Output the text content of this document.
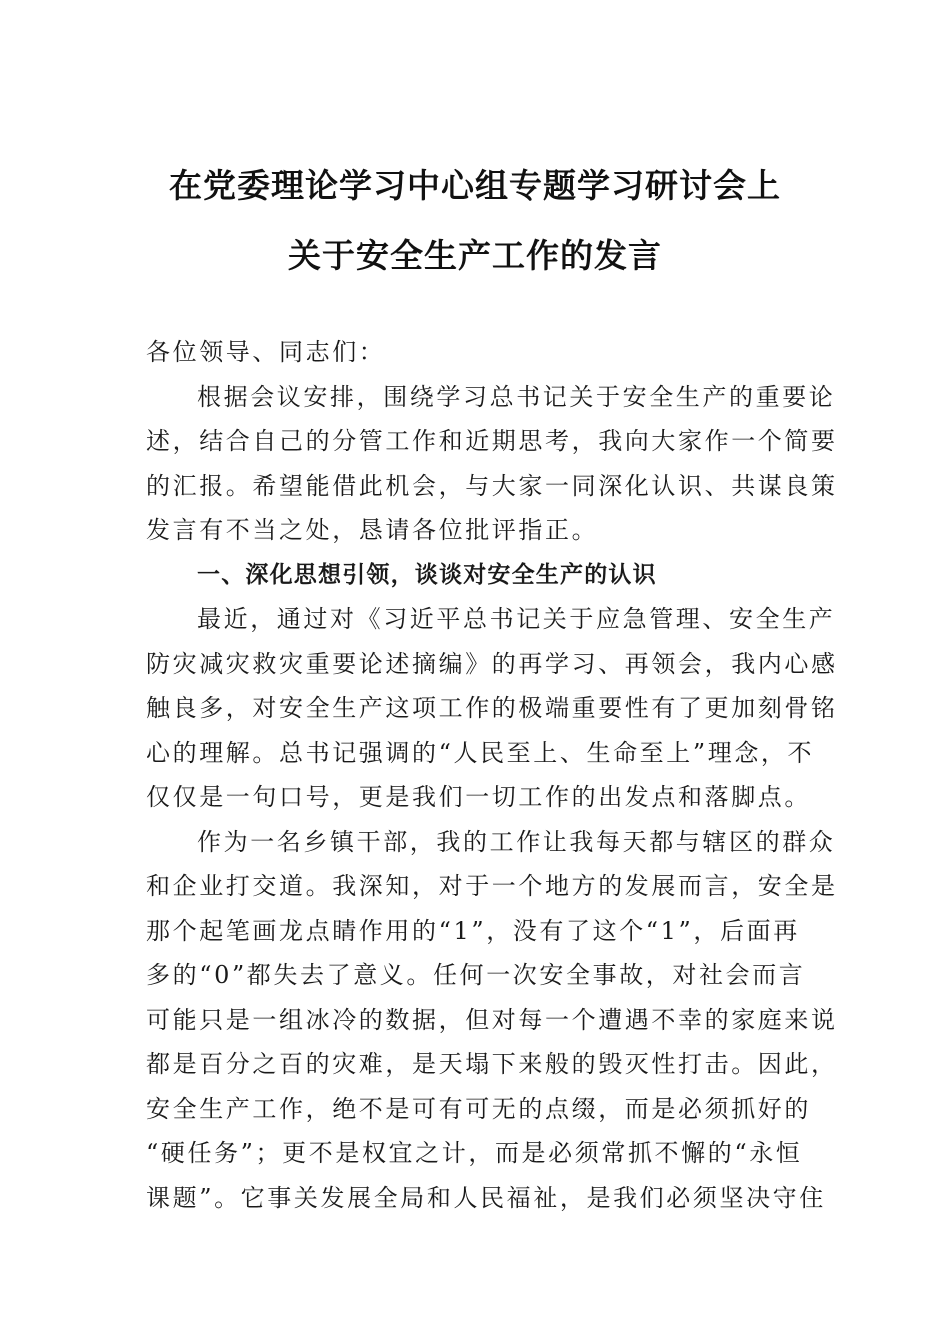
在党委理论学习中心组专题学习研讨会上
关于安全生产工作的发言
各位领导、同志们：
根据会议安排，围绕学习总书记关于安全生产的重要论
述，结合自己的分管工作和近期思考，我向大家作一个简要
的汇报。希望能借此机会，与大家一同深化认识、共谋良策
发言有不当之处，恳请各位批评指正。
一、深化思想引领，谈谈对安全生产的认识
最近，通过对《习近平总书记关于应急管理、安全生产
防灾减灾救灾重要论述摘编》的再学习、再领会，我内心感
触良多，对安全生产这项工作的极端重要性有了更加刻骨铭
心的理解。总书记强调的“人民至上、生命至上”理念，不
仅仅是一句口号，更是我们一切工作的出发点和落脚点。
作为一名乡镇干部，我的工作让我每天都与辖区的群众
和企业打交道。我深知，对于一个地方的发展而言，安全是
那个起笔画龙点睛作用的“1”，没有了这个“1”，后面再
多的“0”都失去了意义。任何一次安全事故，对社会而言
可能只是一组冰冷的数据，但对每一个遭遇不幸的家庭来说
都是百分之百的灾难，是天塌下来般的毁灭性打击。因此，
安全生产工作，绝不是可有可无的点缀，而是必须抓好的
“硬任务”；更不是权宜之计，而是必须常抓不懈的“永恒
课题”。它事关发展全局和人民福祉，是我们必须坚决守住
